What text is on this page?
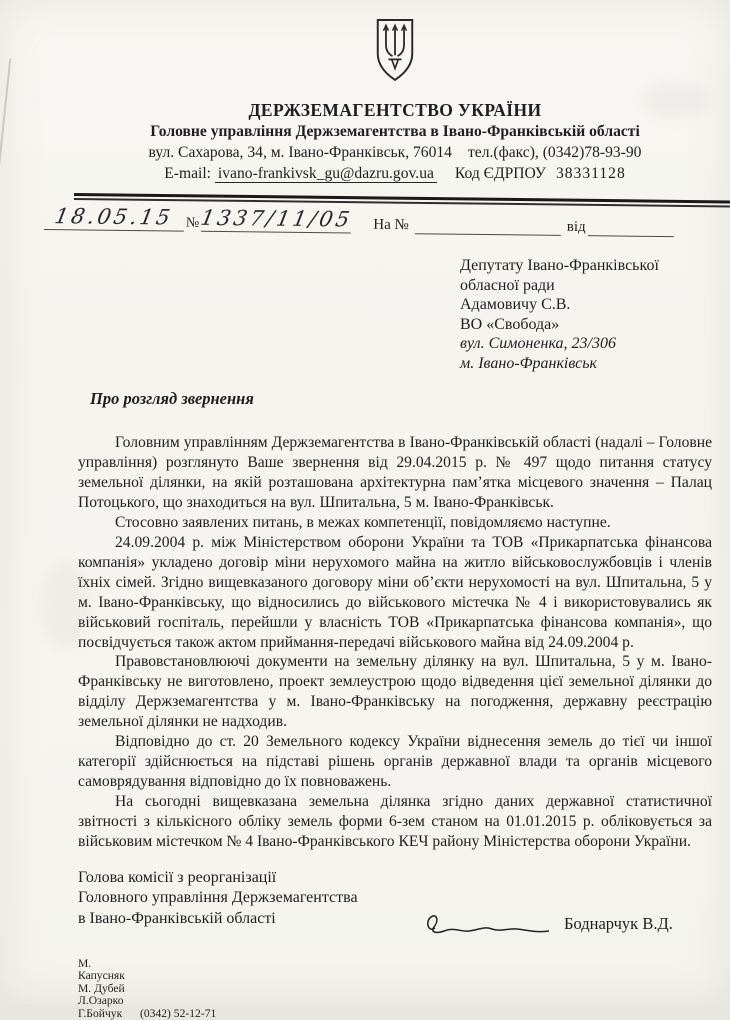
ДЕРЖЗЕМАГЕНТСТВО УКРАЇНИ
Головне управління Держземагентства в Івано-Франківській області
вул. Сахарова, 34, м. Івано-Франківськ, 76014 тел.(факс), (0342)78-93-90
E-mail: ivano-frankivsk_gu@dazru.gov.ua Код ЄДРПОУ 38331128
18.05.15 № 1337/11/05 На №	від
Депутату Івано-Франківської
обласної ради
Адамовичу С.В.
ВО «Свобода»
вул. Симоненка, 23/306
м. Івано-Франківськ
Про розгляд звернення

Головним управлінням Держземагентства в Івано-Франківській області (надалі – Головне управління) розглянуто Ваше звернення від 29.04.2015 р. № 497 щодо питання статусу земельної ділянки, на якій розташована архітектурна пам’ятка місцевого значення – Палац Потоцького, що знаходиться на вул. Шпитальна, 5 м. Івано-Франківськ.

Стосовно заявлених питань, в межах компетенції, повідомляємо наступне.

24.09.2004 р. між Міністерством оборони України та ТОВ «Прикарпатська фінансова компанія» укладено договір міни нерухомого майна на житло військовослужбовців і членів їхніх сімей. Згідно вищевказаного договору міни об’єкти нерухомості на вул. Шпитальна, 5 у м. Івано-Франківську, що відносились до військового містечка № 4 і використовувались як військовий госпіталь, перейшли у власність ТОВ «Прикарпатська фінансова компанія», що посвідчується також актом приймання-передачі військового майна від 24.09.2004 р.

Правовстановлюючі документи на земельну ділянку на вул. Шпитальна, 5 у м. Івано-Франківську не виготовлено, проект землеустрою щодо відведення цієї земельної ділянки до відділу Держземагентства у м. Івано-Франківську на погодження, державну реєстрацію земельної ділянки не надходив.

Відповідно до ст. 20 Земельного кодексу України віднесення земель до тієї чи іншої категорії здійснюється на підставі рішень органів державної влади та органів місцевого самоврядування відповідно до їх повноважень.

На сьогодні вищевказана земельна ділянка згідно даних державної статистичної звітності з кількісного обліку земель форми 6-зем станом на 01.01.2015 р. обліковується за військовим містечком № 4 Івано-Франківського КЕЧ району Міністерства оборони України.

Голова комісії з реорганізації
Головного управління Держземагентства
в Івано-Франківській області	Боднарчук В.Д.
М. Капусняк
М. Дубей
Л.Озарко
Г.Бойчук	(0342) 52-12-71
